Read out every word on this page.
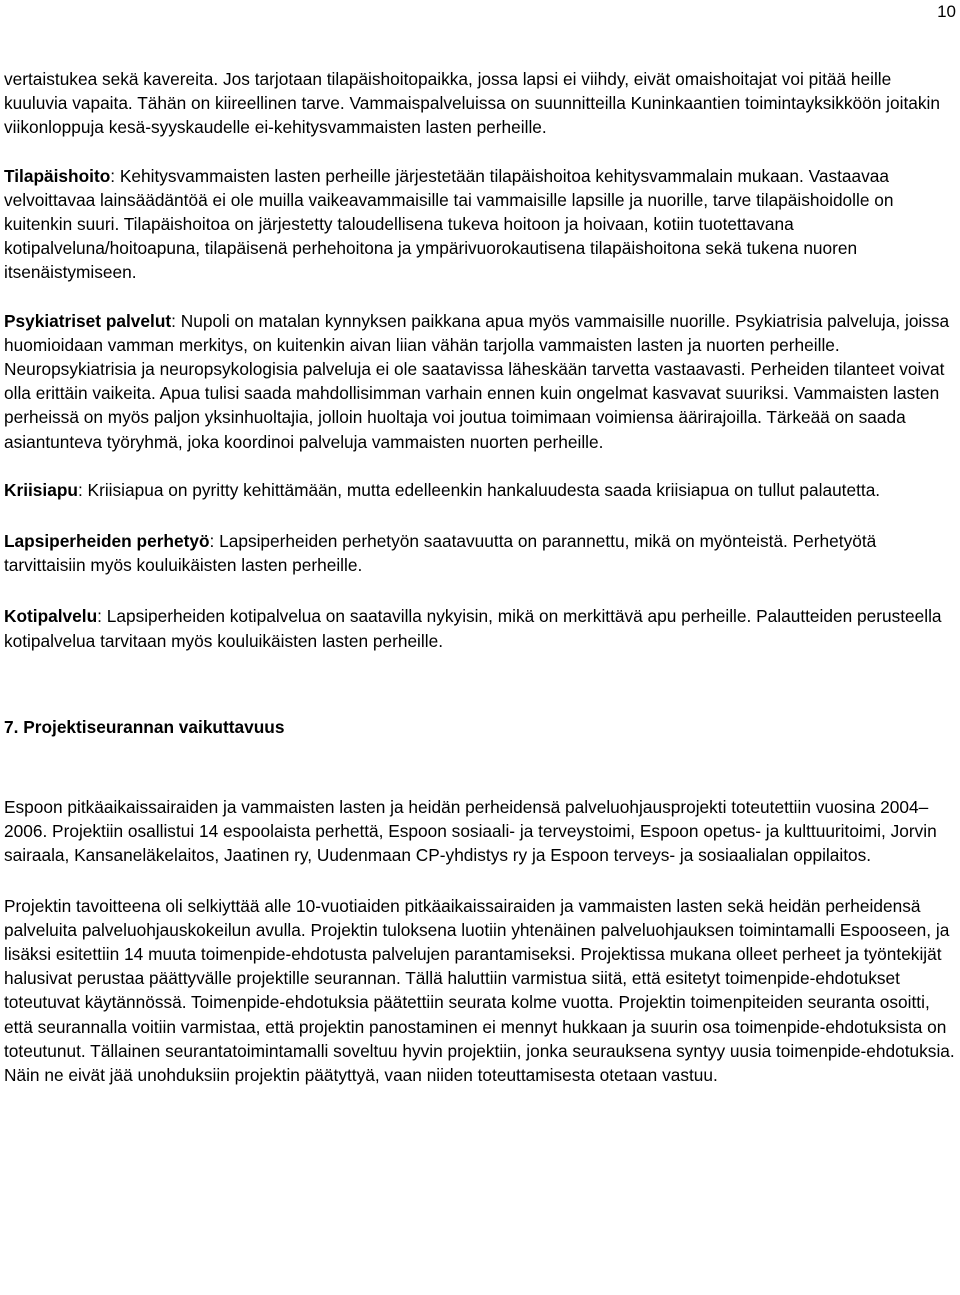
10

vertaistukea sekä kavereita. Jos tarjotaan tilapäishoitopaikka, jossa lapsi ei viihdy, eivät omaishoitajat voi pitää heille kuuluvia vapaita. Tähän on kiireellinen tarve. Vammaispalveluissa on suunnitteilla Kuninkaantien toimintayksikköön joitakin viikonloppuja kesä-syyskaudelle ei-kehitysvammaisten lasten perheille.

Tilapäishoito: Kehitysvammaisten lasten perheille järjestetään tilapäishoitoa kehitysvammalain mukaan. Vastaavaa velvoittavaa lainsäädäntöä ei ole muilla vaikeavammaisille tai vammaisille lapsille ja nuorille, tarve tilapäishoidolle on kuitenkin suuri. Tilapäishoitoa on järjestetty taloudellisena tukeva hoitoon ja hoivaan, kotiin tuotettavana kotipalveluna/hoitoapuna, tilapäisenä perhehoitona ja ympärivuorokautisena tilapäishoitona sekä tukena nuoren itsenäistymiseen.

Psykiatriset palvelut: Nupoli on matalan kynnyksen paikkana apua myös vammaisille nuorille. Psykiatrisia palveluja, joissa huomioidaan vamman merkitys, on kuitenkin aivan liian vähän tarjolla vammaisten lasten ja nuorten perheille. Neuropsykiatrisia ja neuropsykologisia palveluja ei ole saatavissa läheskään tarvetta vastaavasti. Perheiden tilanteet voivat olla erittäin vaikeita. Apua tulisi saada mahdollisimman varhain ennen kuin ongelmat kasvavat suuriksi. Vammaisten lasten perheissä on myös paljon yksinhuoltajia, jolloin huoltaja voi joutua toimimaan voimiensa äärirajoilla. Tärkeää on saada asiantunteva työryhmä, joka koordinoi palveluja vammaisten nuorten perheille.

Kriisiapu: Kriisiapua on pyritty kehittämään, mutta edelleenkin hankaluudesta saada kriisiapua on tullut palautetta.

Lapsiperheiden perhetyö: Lapsiperheiden perhetyön saatavuutta on parannettu, mikä on myönteistä. Perhetyötä tarvittaisiin myös kouluikäisten lasten perheille.

Kotipalvelu: Lapsiperheiden kotipalvelua on saatavilla nykyisin, mikä on merkittävä apu perheille. Palautteiden perusteella kotipalvelua tarvitaan myös kouluikäisten lasten perheille.

7. Projektiseurannan vaikuttavuus

Espoon pitkäaikaissairaiden ja vammaisten lasten ja heidän perheidensä palveluohjausprojekti toteutettiin vuosina 2004–2006. Projektiin osallistui 14 espoolaista perhettä, Espoon sosiaali- ja terveystoimi, Espoon opetus- ja kulttuuritoimi, Jorvin sairaala, Kansaneläkelaitos, Jaatinen ry, Uudenmaan CP-yhdistys ry ja Espoon terveys- ja sosiaalialan oppilaitos.

Projektin tavoitteena oli selkiyttää alle 10-vuotiaiden pitkäaikaissairaiden ja vammaisten lasten sekä heidän perheidensä palveluita palveluohjauskokeilun avulla. Projektin tuloksena luotiin yhtenäinen palveluohjauksen toimintamalli Espooseen, ja lisäksi esitettiin 14 muuta toimenpide-ehdotusta palvelujen parantamiseksi. Projektissa mukana olleet perheet ja työntekijät halusivat perustaa päättyvälle projektille seurannan. Tällä haluttiin varmistua siitä, että esitetyt toimenpide-ehdotukset toteutuvat käytännössä. Toimenpide-ehdotuksia päätettiin seurata kolme vuotta. Projektin toimenpiteiden seuranta osoitti, että seurannalla voitiin varmistaa, että projektin panostaminen ei mennyt hukkaan ja suurin osa toimenpide-ehdotuksista on toteutunut. Tällainen seurantatoimintamalli soveltuu hyvin projektiin, jonka seurauksena syntyy uusia toimenpide-ehdotuksia. Näin ne eivät jää unohduksiin projektin päätyttyä, vaan niiden toteuttamisesta otetaan vastuu.
